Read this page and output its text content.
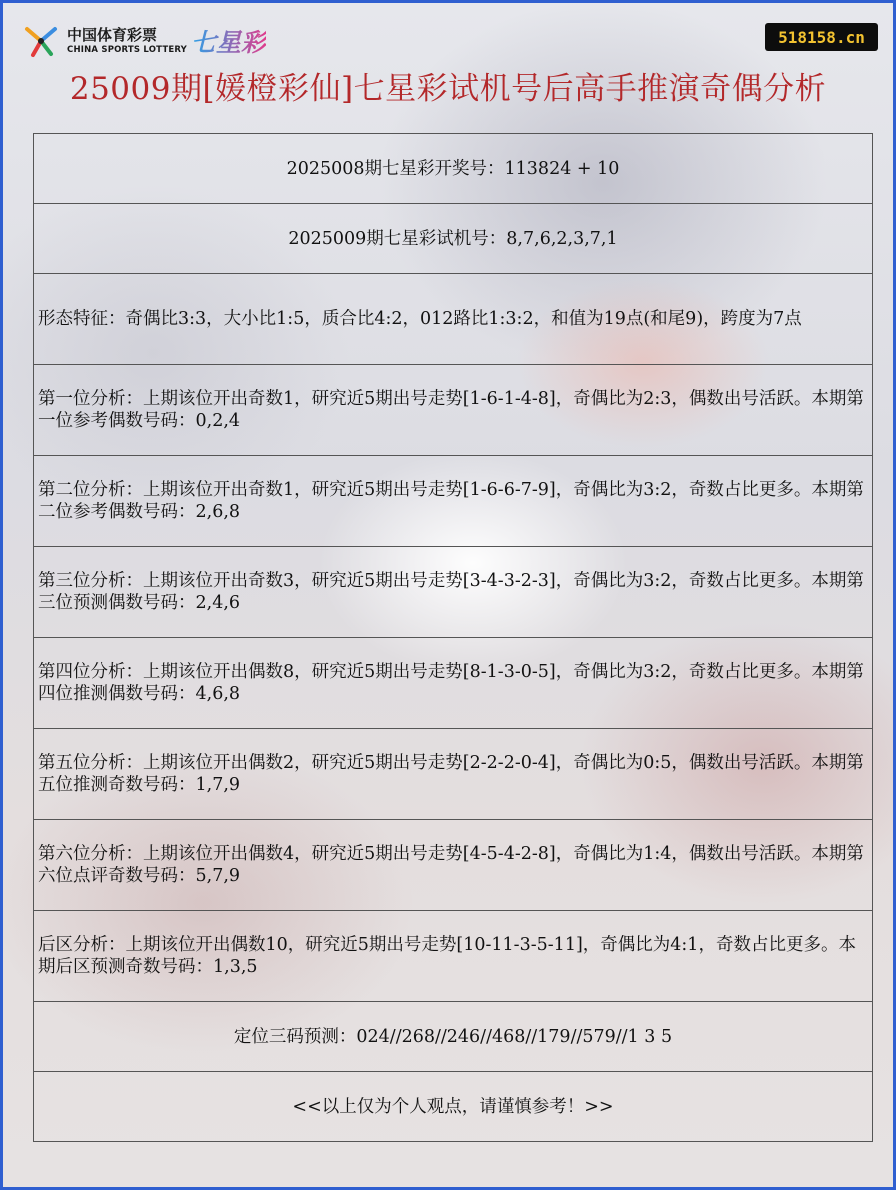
中国体育彩票
CHINA SPORTS LOTTERY 七星彩	518158.cn
25009期[媛橙彩仙]七星彩试机号后高手推演奇偶分析
2025008期七星彩开奖号：113824 + 10
2025009期七星彩试机号：8,7,6,2,3,7,1
形态特征：奇偶比3:3，大小比1:5，质合比4:2，012路比1:3:2，和值为19点(和尾9)，跨度为7点
第一位分析：上期该位开出奇数1，研究近5期出号走势[1-6-1-4-8]，奇偶比为2:3，偶数出号活跃。本期第一位参考偶数号码：0,2,4
第二位分析：上期该位开出奇数1，研究近5期出号走势[1-6-6-7-9]，奇偶比为3:2，奇数占比更多。本期第二位参考偶数号码：2,6,8
第三位分析：上期该位开出奇数3，研究近5期出号走势[3-4-3-2-3]，奇偶比为3:2，奇数占比更多。本期第三位预测偶数号码：2,4,6
第四位分析：上期该位开出偶数8，研究近5期出号走势[8-1-3-0-5]，奇偶比为3:2，奇数占比更多。本期第四位推测偶数号码：4,6,8
第五位分析：上期该位开出偶数2，研究近5期出号走势[2-2-2-0-4]，奇偶比为0:5，偶数出号活跃。本期第五位推测奇数号码：1,7,9
第六位分析：上期该位开出偶数4，研究近5期出号走势[4-5-4-2-8]，奇偶比为1:4，偶数出号活跃。本期第六位点评奇数号码：5,7,9
后区分析：上期该位开出偶数10，研究近5期出号走势[10-11-3-5-11]，奇偶比为4:1，奇数占比更多。本期后区预测奇数号码：1,3,5
定位三码预测：024//268//246//468//179//579//1 3 5
<<以上仅为个人观点，请谨慎参考！>>
